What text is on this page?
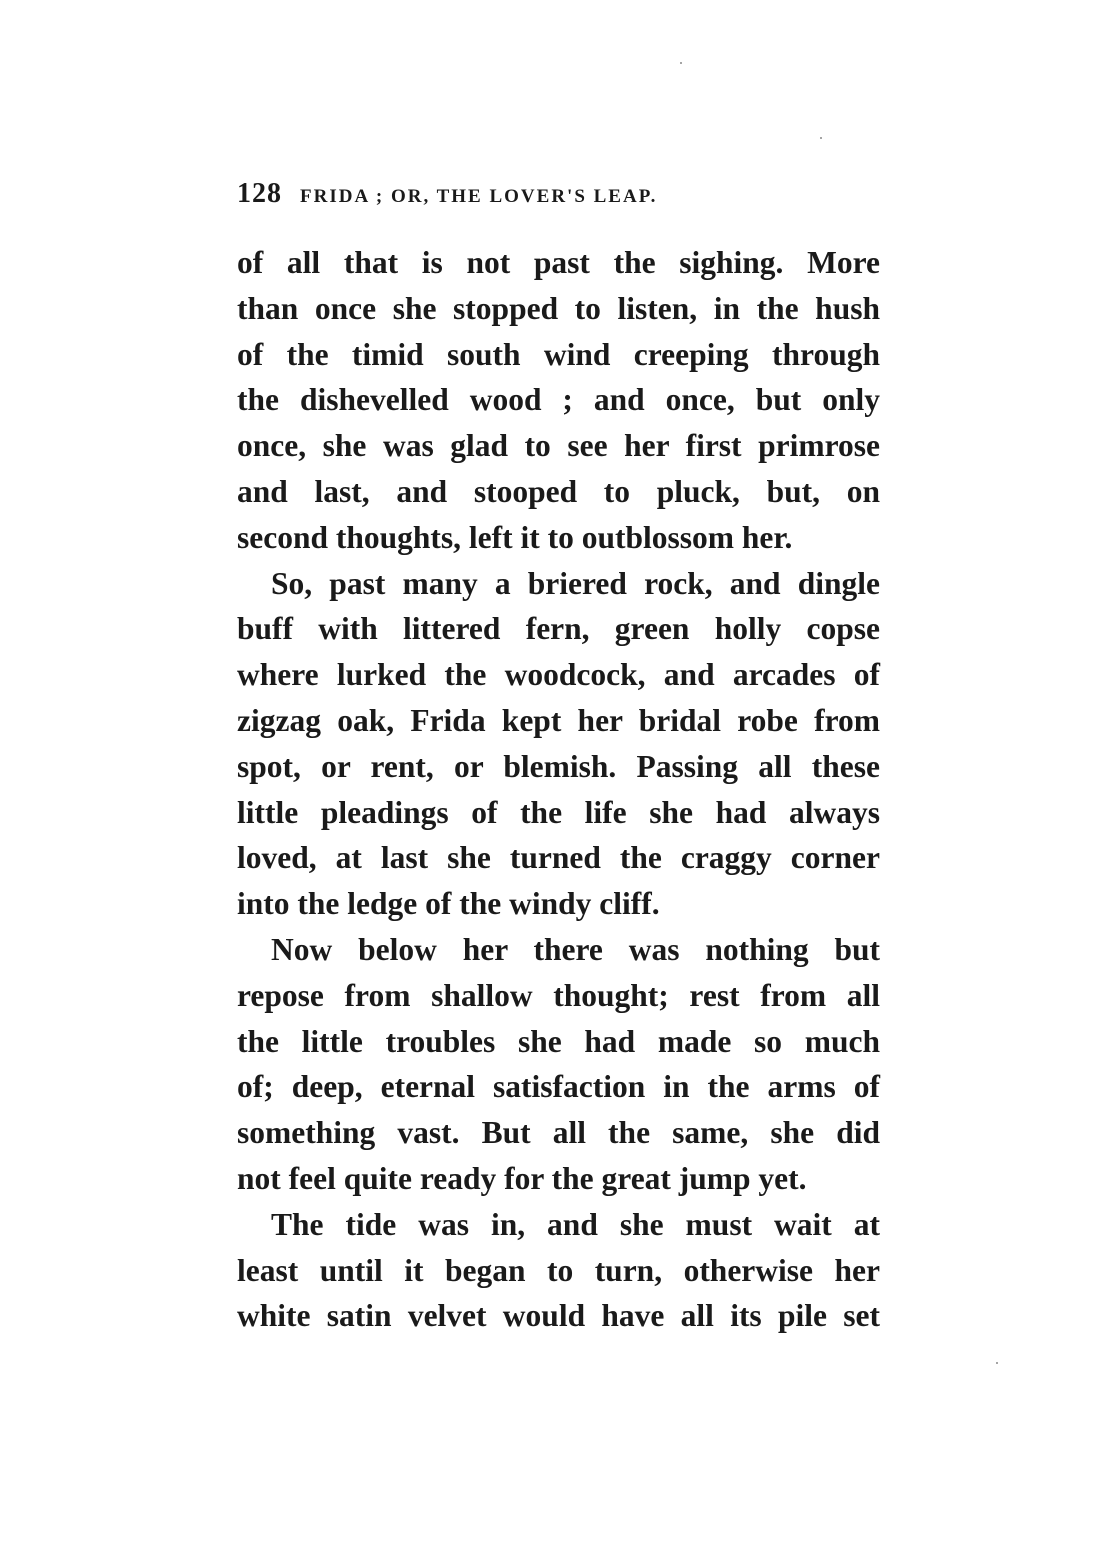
128 FRIDA ; OR, THE LOVER'S LEAP.
of all that is not past the sighing. More
than once she stopped to listen, in the hush
of the timid south wind creeping through
the dishevelled wood ; and once, but only
once, she was glad to see her first primrose
and last, and stooped to pluck, but, on
second thoughts, left it to outblossom her.
So, past many a briered rock, and dingle
buff with littered fern, green holly copse
where lurked the woodcock, and arcades of
zigzag oak, Frida kept her bridal robe from
spot, or rent, or blemish. Passing all these
little pleadings of the life she had always
loved, at last she turned the craggy corner
into the ledge of the windy cliff.
Now below her there was nothing but
repose from shallow thought; rest from all
the little troubles she had made so much
of; deep, eternal satisfaction in the arms of
something vast. But all the same, she did
not feel quite ready for the great jump yet.
The tide was in, and she must wait at
least until it began to turn, otherwise her
white satin velvet would have all its pile set
